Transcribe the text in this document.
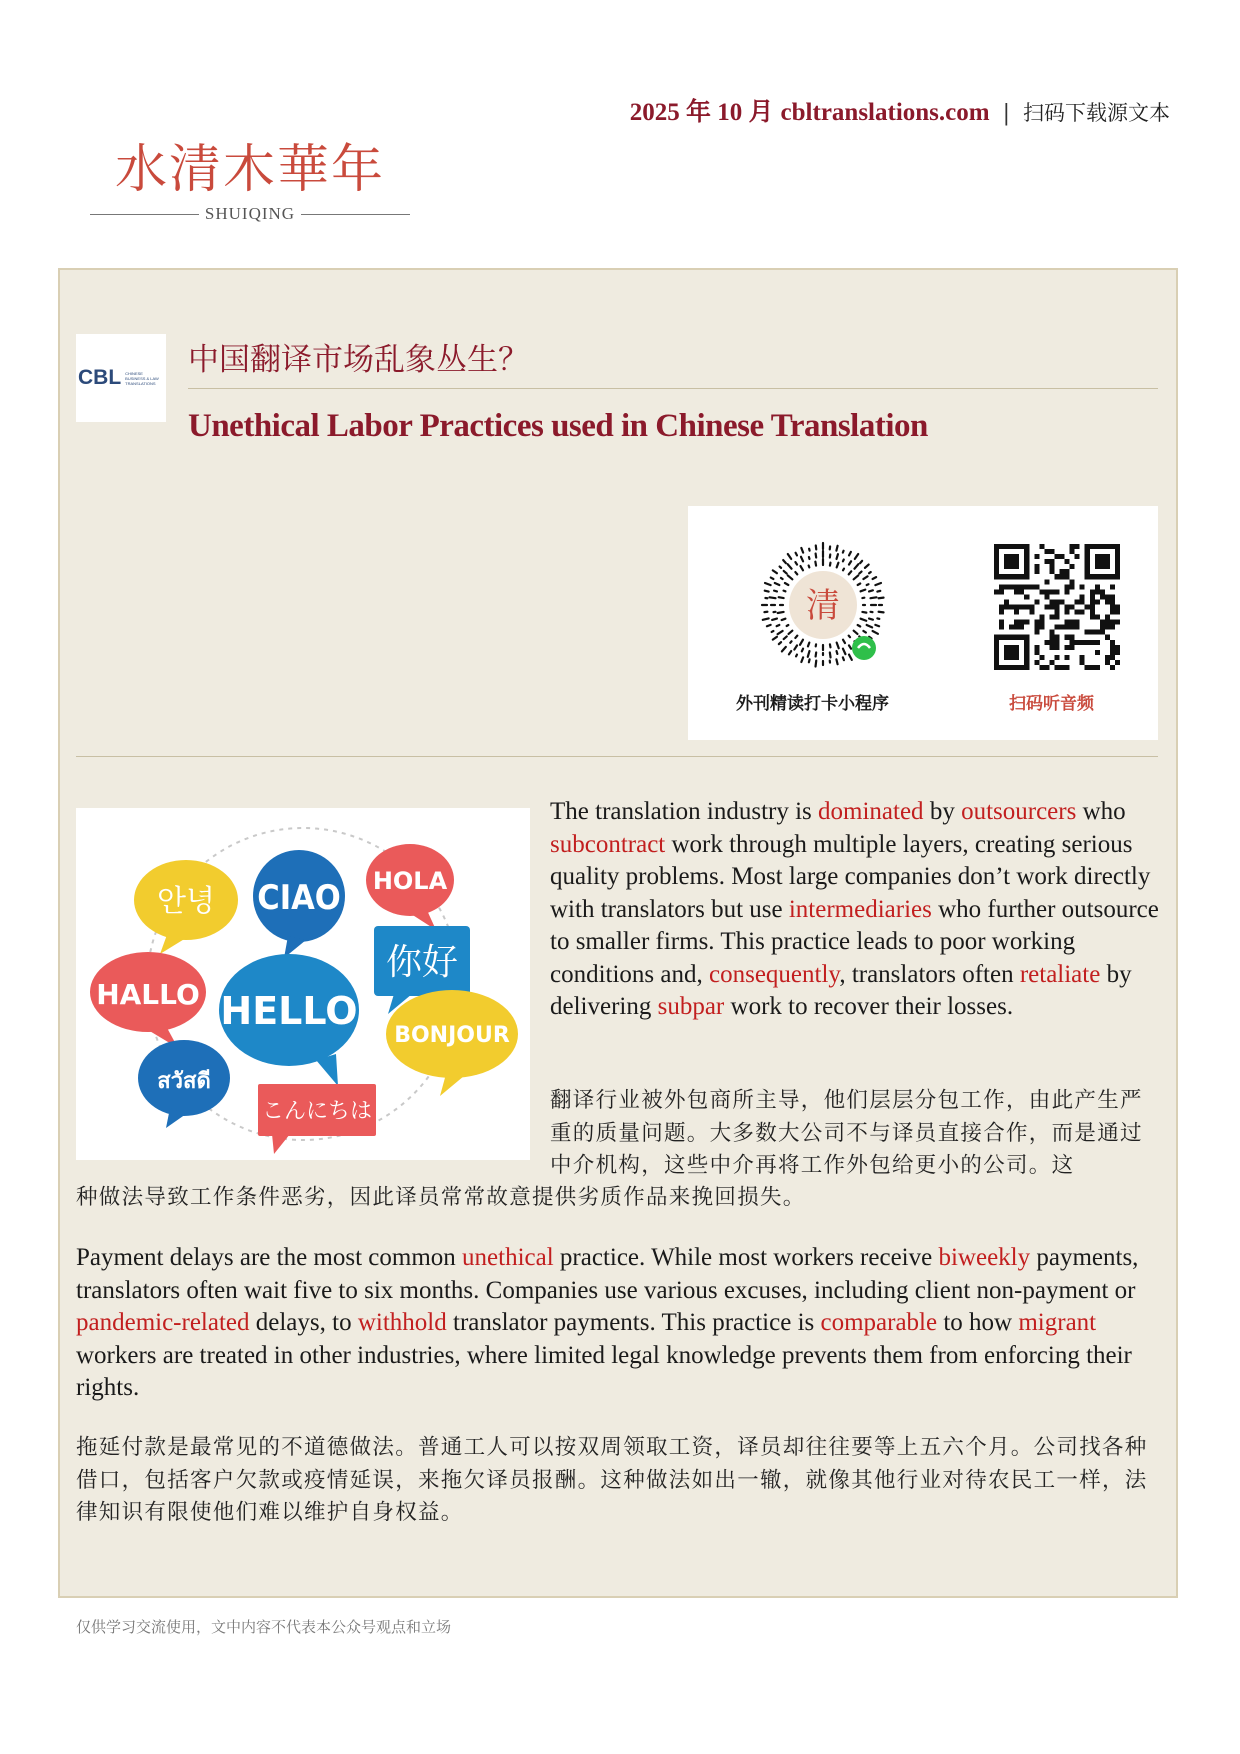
2025 年 10 月 cbltranslations.com | 扫码下载源文本
水清木華年
SHUIQING
CBL CHINESE BUSINESS & LAW TRANSLATIONS
中国翻译市场乱象丛生？
Unethical Labor Practices used in Chinese Translation
清
外刊精读打卡小程序	扫码听音频
안녕 CIAO HOLA
你好
HALLO HELLO
BONJOUR
สวัสดี
こんにちは
The translation industry is dominated by outsourcers who subcontract work through multiple layers, creating serious quality problems. Most large companies don’t work directly with translators but use intermediaries who further outsource to smaller firms. This practice leads to poor working conditions and, consequently, translators often retaliate by delivering subpar work to recover their losses.
翻译行业被外包商所主导，他们层层分包工作，由此产生严重的质量问题。大多数大公司不与译员直接合作，而是通过中介机构，这些中介再将工作外包给更小的公司。这
种做法导致工作条件恶劣，因此译员常常故意提供劣质作品来挽回损失。
Payment delays are the most common unethical practice. While most workers receive biweekly payments, translators often wait five to six months. Companies use various excuses, including client non-payment or pandemic-related delays, to withhold translator payments. This practice is comparable to how migrant workers are treated in other industries, where limited legal knowledge prevents them from enforcing their rights.
拖延付款是最常见的不道德做法。普通工人可以按双周领取工资，译员却往往要等上五六个月。公司找各种借口，包括客户欠款或疫情延误，来拖欠译员报酬。这种做法如出一辙，就像其他行业对待农民工一样，法律知识有限使他们难以维护自身权益。
仅供学习交流使用，文中内容不代表本公众号观点和立场
